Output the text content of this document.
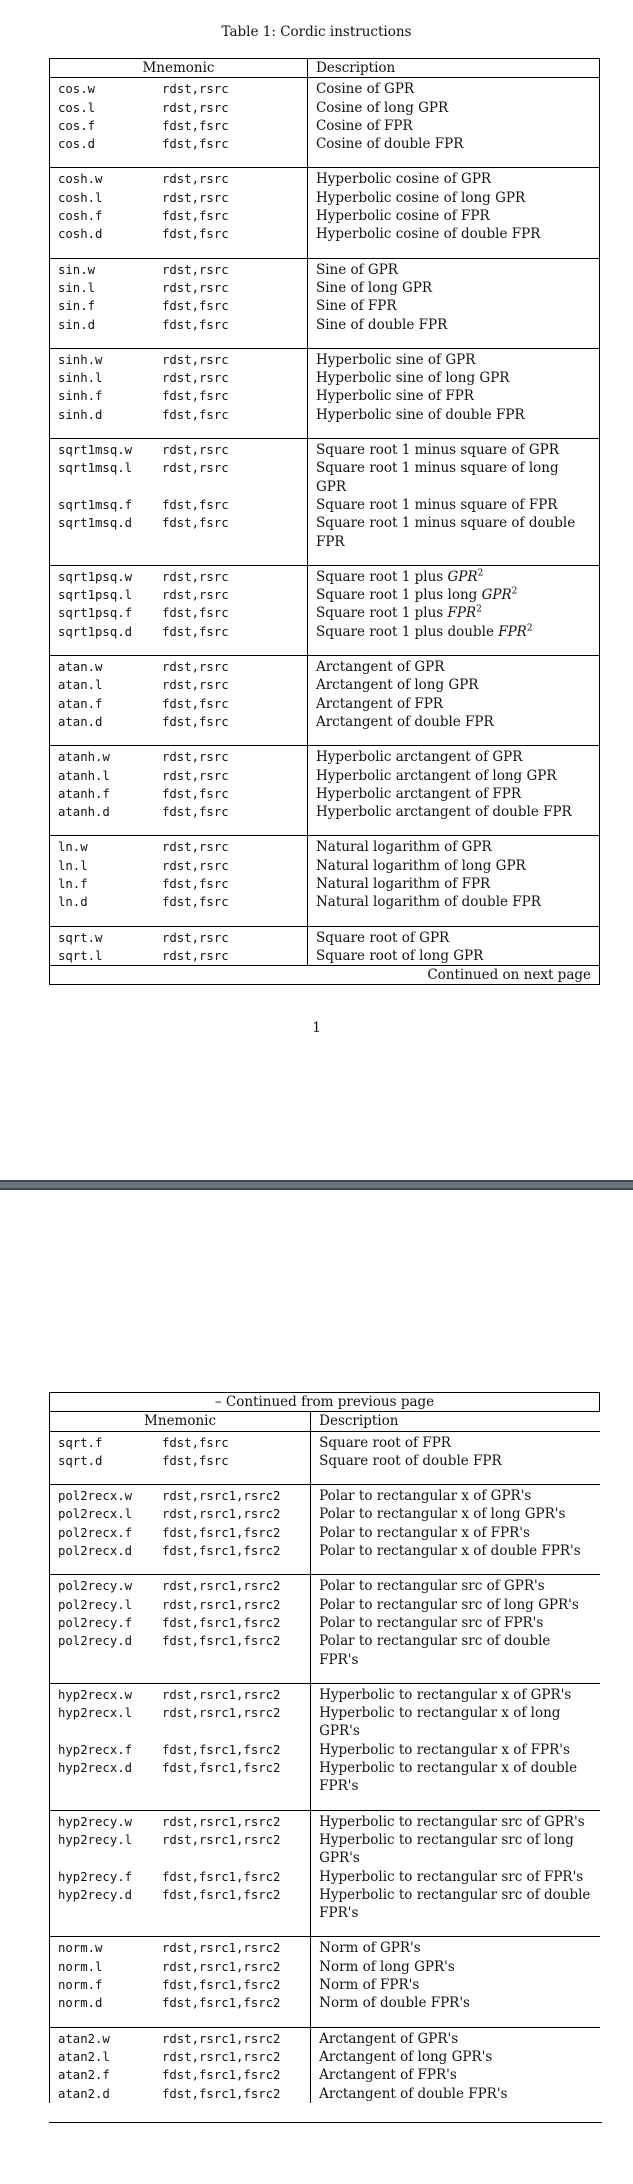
Table 1: Cordic instructions
Mnemonic	Description
cos.w rdst,rsrc	Cosine of GPR
cos.l rdst,rsrc	Cosine of long GPR
cos.f fdst,fsrc	Cosine of FPR
cos.d fdst,fsrc	Cosine of double FPR
cosh.w rdst,rsrc	Hyperbolic cosine of GPR
cosh.l rdst,rsrc	Hyperbolic cosine of long GPR
cosh.f fdst,fsrc	Hyperbolic cosine of FPR
cosh.d fdst,fsrc	Hyperbolic cosine of double FPR
sin.w rdst,rsrc	Sine of GPR
sin.l rdst,rsrc	Sine of long GPR
sin.f fdst,fsrc	Sine of FPR
sin.d fdst,fsrc	Sine of double FPR
sinh.w rdst,rsrc	Hyperbolic sine of GPR
sinh.l rdst,rsrc	Hyperbolic sine of long GPR
sinh.f fdst,fsrc	Hyperbolic sine of FPR
sinh.d fdst,fsrc	Hyperbolic sine of double FPR
sqrt1msq.w rdst,rsrc	Square root 1 minus square of GPR
sqrt1msq.l rdst,rsrc	Square root 1 minus square of long GPR
sqrt1msq.f fdst,fsrc	Square root 1 minus square of FPR
sqrt1msq.d fdst,fsrc	Square root 1 minus square of double FPR
sqrt1psq.w rdst,rsrc	Square root 1 plus GPR$^2$
sqrt1psq.l rdst,rsrc	Square root 1 plus long GPR$^2$
sqrt1psq.f fdst,fsrc	Square root 1 plus FPR$^2$
sqrt1psq.d fdst,fsrc	Square root 1 plus double FPR$^2$
atan.w rdst,rsrc	Arctangent of GPR
atan.l rdst,rsrc	Arctangent of long GPR
atan.f fdst,fsrc	Arctangent of FPR
atan.d fdst,fsrc	Arctangent of double FPR
atanh.w rdst,rsrc	Hyperbolic arctangent of GPR
atanh.l rdst,rsrc	Hyperbolic arctangent of long GPR
atanh.f fdst,fsrc	Hyperbolic arctangent of FPR
atanh.d fdst,fsrc	Hyperbolic arctangent of double FPR
ln.w rdst,rsrc	Natural logarithm of GPR
ln.l rdst,rsrc	Natural logarithm of long GPR
ln.f fdst,fsrc	Natural logarithm of FPR
ln.d fdst,fsrc	Natural logarithm of double FPR
sqrt.w rdst,rsrc	Square root of GPR
sqrt.l rdst,rsrc	Square root of long GPR
Continued on next page	
1
– Continued from previous page	
Mnemonic	Description
sqrt.f fdst,fsrc	Square root of FPR
sqrt.d fdst,fsrc	Square root of double FPR
pol2recx.w rdst,rsrc1,rsrc2	Polar to rectangular x of GPR's
pol2recx.l rdst,rsrc1,rsrc2	Polar to rectangular x of long GPR's
pol2recx.f fdst,fsrc1,fsrc2	Polar to rectangular x of FPR's
pol2recx.d fdst,fsrc1,fsrc2	Polar to rectangular x of double FPR's
pol2recy.w rdst,rsrc1,rsrc2	Polar to rectangular src of GPR's
pol2recy.l rdst,rsrc1,rsrc2	Polar to rectangular src of long GPR's
pol2recy.f fdst,fsrc1,fsrc2	Polar to rectangular src of FPR's
pol2recy.d fdst,fsrc1,fsrc2	Polar to rectangular src of double FPR's
hyp2recx.w rdst,rsrc1,rsrc2	Hyperbolic to rectangular x of GPR's
hyp2recx.l rdst,rsrc1,rsrc2	Hyperbolic to rectangular x of long GPR's
hyp2recx.f fdst,fsrc1,fsrc2	Hyperbolic to rectangular x of FPR's
hyp2recx.d fdst,fsrc1,fsrc2	Hyperbolic to rectangular x of double FPR's
hyp2recy.w rdst,rsrc1,rsrc2	Hyperbolic to rectangular src of GPR's
hyp2recy.l rdst,rsrc1,rsrc2	Hyperbolic to rectangular src of long GPR's
hyp2recy.f fdst,fsrc1,fsrc2	Hyperbolic to rectangular src of FPR's
hyp2recy.d fdst,fsrc1,fsrc2	Hyperbolic to rectangular src of double FPR's
norm.w rdst,rsrc1,rsrc2	Norm of GPR's
norm.l rdst,rsrc1,rsrc2	Norm of long GPR's
norm.f fdst,fsrc1,fsrc2	Norm of FPR's
norm.d fdst,fsrc1,fsrc2	Norm of double FPR's
atan2.w rdst,rsrc1,rsrc2	Arctangent of GPR's
atan2.l rdst,rsrc1,rsrc2	Arctangent of long GPR's
atan2.f fdst,fsrc1,fsrc2	Arctangent of FPR's
atan2.d fdst,fsrc1,fsrc2	Arctangent of double FPR's
